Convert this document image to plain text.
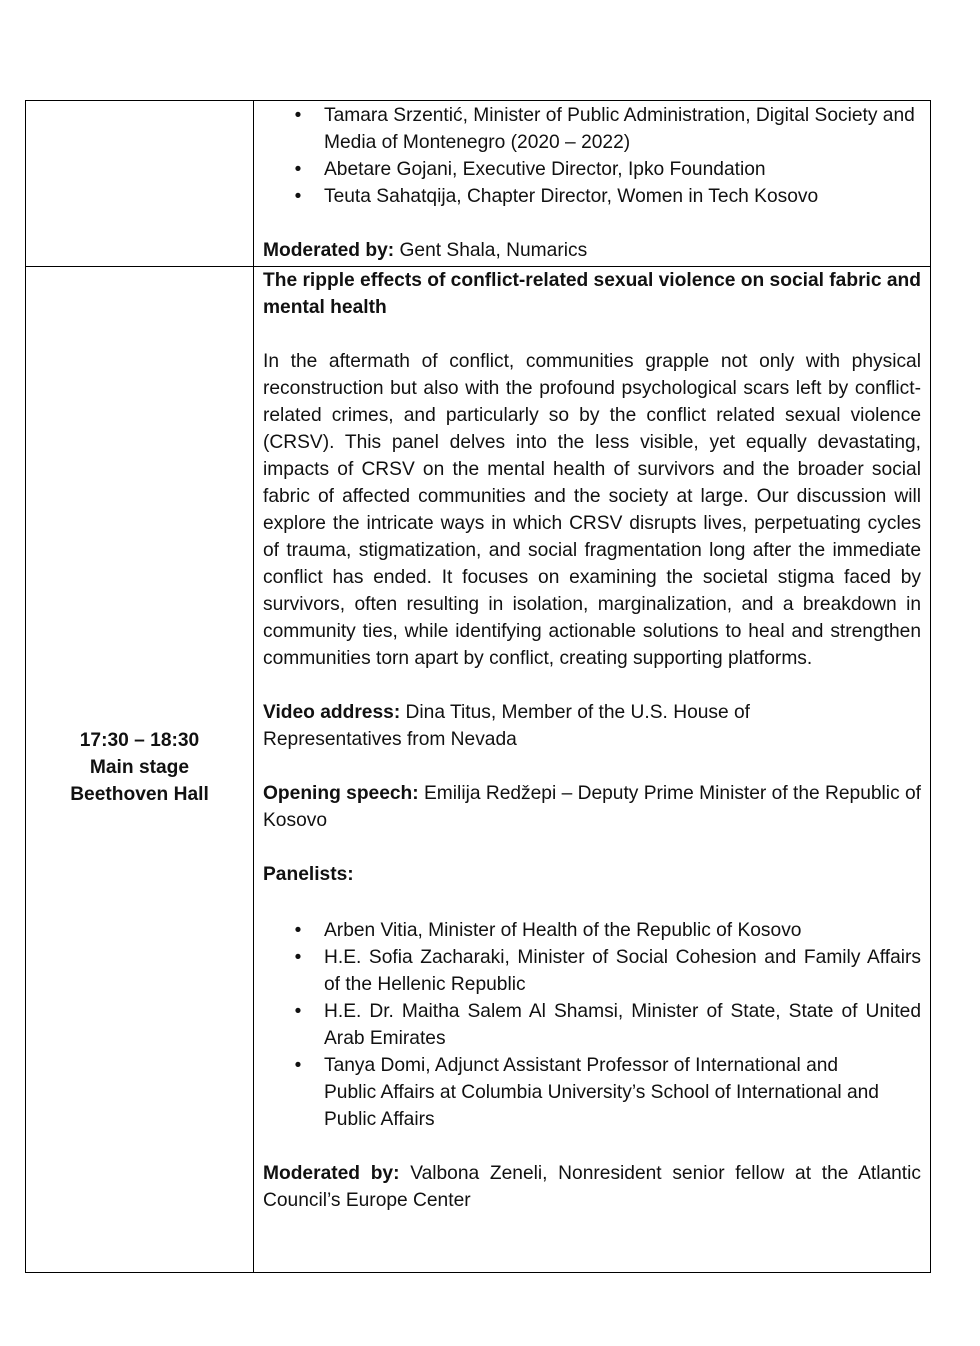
• Tamara Srzentić, Minister of Public Administration, Digital Society and Media of Montenegro (2020 – 2022)
• Abetare Gojani, Executive Director, Ipko Foundation
• Teuta Sahatqija, Chapter Director, Women in Tech Kosovo
Moderated by: Gent Shala, Numarics
17:30 – 18:30
Main stage
Beethoven Hall
The ripple effects of conflict-related sexual violence on social fabric and mental health

In the aftermath of conflict, communities grapple not only with physical reconstruction but also with the profound psychological scars left by conflict-related crimes, and particularly so by the conflict related sexual violence (CRSV). This panel delves into the less visible, yet equally devastating, impacts of CRSV on the mental health of survivors and the broader social fabric of affected communities and the society at large. Our discussion will explore the intricate ways in which CRSV disrupts lives, perpetuating cycles of trauma, stigmatization, and social fragmentation long after the immediate conflict has ended. It focuses on examining the societal stigma faced by survivors, often resulting in isolation, marginalization, and a breakdown in community ties, while identifying actionable solutions to heal and strengthen communities torn apart by conflict, creating supporting platforms.

Video address: Dina Titus, Member of the U.S. House of Representatives from Nevada
Opening speech: Emilija Redžepi – Deputy Prime Minister of the Republic of Kosovo
Panelists:
• Arben Vitia, Minister of Health of the Republic of Kosovo
• H.E. Sofia Zacharaki, Minister of Social Cohesion and Family Affairs of the Hellenic Republic
• H.E. Dr. Maitha Salem Al Shamsi, Minister of State, State of United Arab Emirates
• Tanya Domi, Adjunct Assistant Professor of International and Public Affairs at Columbia University’s School of International and Public Affairs
Moderated by: Valbona Zeneli, Nonresident senior fellow at the Atlantic Council’s Europe Center
